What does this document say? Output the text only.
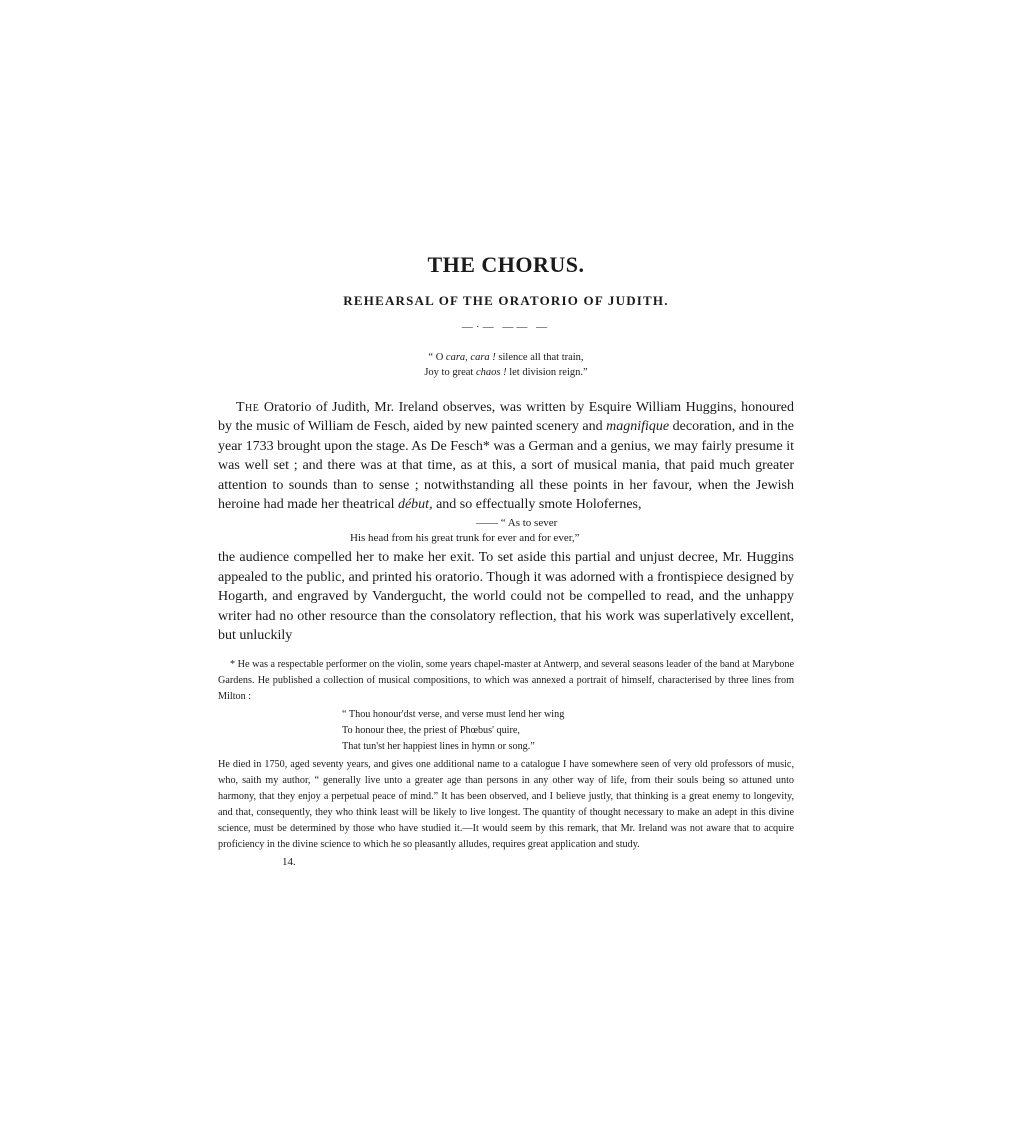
THE CHORUS.
REHEARSAL OF THE ORATORIO OF JUDITH.
—·— —— —
“ O cara, cara ! silence all that train,
Joy to great chaos ! let division reign.”

The Oratorio of Judith, Mr. Ireland observes, was written by Esquire William Huggins, honoured by the music of William de Fesch, aided by new painted scenery and magnifique decoration, and in the year 1733 brought upon the stage. As De Fesch* was a German and a genius, we may fairly presume it was well set ; and there was at that time, as at this, a sort of musical mania, that paid much greater attention to sounds than to sense ; notwithstanding all these points in her favour, when the Jewish heroine had made her theatrical début, and so effectually smote Holofernes,

—— “ As to sever
His head from his great trunk for ever and for ever,”

the audience compelled her to make her exit. To set aside this partial and unjust decree, Mr. Huggins appealed to the public, and printed his oratorio. Though it was adorned with a frontispiece designed by Hogarth, and engraved by Vandergucht, the world could not be compelled to read, and the unhappy writer had no other resource than the consolatory reflection, that his work was superlatively excellent, but unluckily

* He was a respectable performer on the violin, some years chapel-master at Antwerp, and several seasons leader of the band at Marybone Gardens. He published a collection of musical compositions, to which was annexed a portrait of himself, characterised by three lines from Milton :

“ Thou honour'dst verse, and verse must lend her wing
To honour thee, the priest of Phœbus' quire,
That tun'st her happiest lines in hymn or song.”

He died in 1750, aged seventy years, and gives one additional name to a catalogue I have somewhere seen of very old professors of music, who, saith my author, “ generally live unto a greater age than persons in any other way of life, from their souls being so attuned unto harmony, that they enjoy a perpetual peace of mind.” It has been observed, and I believe justly, that thinking is a great enemy to longevity, and that, consequently, they who think least will be likely to live longest. The quantity of thought necessary to make an adept in this divine science, must be determined by those who have studied it.—It would seem by this remark, that Mr. Ireland was not aware that to acquire proficiency in the divine science to which he so pleasantly alludes, requires great application and study.

14.
